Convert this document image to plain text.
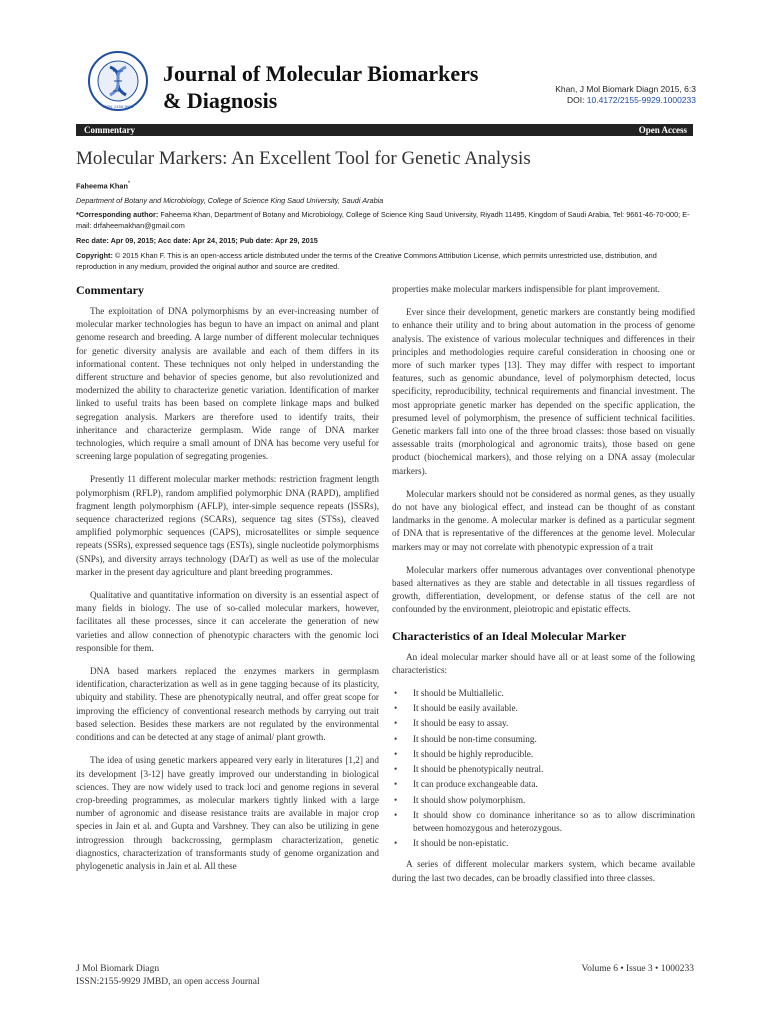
ISSN: 2155-9929
Journal of Molecular Biomarkers
& Diagnosis	Khan, J Mol Biomark Diagn 2015, 6:3
DOI: 10.4172/2155-9929.1000233
Commentary	Open Access
Molecular Markers: An Excellent Tool for Genetic Analysis
Faheema Khan*
Department of Botany and Microbiology, College of Science King Saud University, Saudi Arabia
*Corresponding author: Faheema Khan, Department of Botany and Microbiology, College of Science King Saud University, Riyadh 11495, Kingdom of Saudi Arabia, Tel: 9661-46-70-000; E-mail: drfaheemakhan@gmail.com
Rec date: Apr 09, 2015; Acc date: Apr 24, 2015; Pub date: Apr 29, 2015
Copyright: © 2015 Khan F. This is an open-access article distributed under the terms of the Creative Commons Attribution License, which permits unrestricted use, distribution, and reproduction in any medium, provided the original author and source are credited.
Commentary

The exploitation of DNA polymorphisms by an ever-increasing number of molecular marker technologies has begun to have an impact on animal and plant genome research and breeding. A large number of different molecular techniques for genetic diversity analysis are available and each of them differs in its informational content. These techniques not only helped in understanding the different structure and behavior of species genome, but also revolutionized and modernized the ability to characterize genetic variation. Identification of marker linked to useful traits has been based on complete linkage maps and bulked segregation analysis. Markers are therefore used to identify traits, their inheritance and characterize germplasm. Wide range of DNA marker technologies, which require a small amount of DNA has become very useful for screening large population of segregating progenies.

Presently 11 different molecular marker methods: restriction fragment length polymorphism (RFLP), random amplified polymorphic DNA (RAPD), amplified fragment length polymorphism (AFLP), inter-simple sequence repeats (ISSRs), sequence characterized regions (SCARs), sequence tag sites (STSs), cleaved amplified polymorphic sequences (CAPS), microsatellites or simple sequence repeats (SSRs), expressed sequence tags (ESTs), single nucleotide polymorphisms (SNPs), and diversity arrays technology (DArT) as well as use of the molecular marker in the present day agriculture and plant breeding programmes.

Qualitative and quantitative information on diversity is an essential aspect of many fields in biology. The use of so-called molecular markers, however, facilitates all these processes, since it can accelerate the generation of new varieties and allow connection of phenotypic characters with the genomic loci responsible for them.

DNA based markers replaced the enzymes markers in germplasm identification, characterization as well as in gene tagging because of its plasticity, ubiquity and stability. These are phenotypically neutral, and offer great scope for improving the efficiency of conventional research methods by carrying out trait based selection. Besides these markers are not regulated by the environmental conditions and can be detected at any stage of animal/ plant growth.

The idea of using genetic markers appeared very early in literatures [1,2] and its development [3-12] have greatly improved our understanding in biological sciences. They are now widely used to track loci and genome regions in several crop-breeding programmes, as molecular markers tightly linked with a large number of agronomic and disease resistance traits are available in major crop species in Jain et al. and Gupta and Varshney. They can also be utilizing in gene introgression through backcrossing, germplasm characterization, genetic diagnostics, characterization of transformants study of genome organization and phylogenetic analysis in Jain et al. All these

properties make molecular markers indispensible for plant improvement.

Ever since their development, genetic markers are constantly being modified to enhance their utility and to bring about automation in the process of genome analysis. The existence of various molecular techniques and differences in their principles and methodologies require careful consideration in choosing one or more of such marker types [13]. They may differ with respect to important features, such as genomic abundance, level of polymorphism detected, locus specificity, reproducibility, technical requirements and financial investment. The most appropriate genetic marker has depended on the specific application, the presumed level of polymorphism, the presence of sufficient technical facilities. Genetic markers fall into one of the three broad classes: those based on visually assessable traits (morphological and agronomic traits), those based on gene product (biochemical markers), and those relying on a DNA assay (molecular markers).

Molecular markers should not be considered as normal genes, as they usually do not have any biological effect, and instead can be thought of as constant landmarks in the genome. A molecular marker is defined as a particular segment of DNA that is representative of the differences at the genome level. Molecular markers may or may not correlate with phenotypic expression of a trait

Molecular markers offer numerous advantages over conventional phenotype based alternatives as they are stable and detectable in all tissues regardless of growth, differentiation, development, or defense status of the cell are not confounded by the environment, pleiotropic and epistatic effects.

Characteristics of an Ideal Molecular Marker

An ideal molecular marker should have all or at least some of the following characteristics:

• It should be Multiallelic.
• It should be easily available.
• It should be easy to assay.
• It should be non-time consuming.
• It should be highly reproducible.
• It should be phenotypically neutral.
• It can produce exchangeable data.
• It should show polymorphism.
• It should show co dominance inheritance so as to allow discrimination between homozygous and heterozygous.
• It should be non-epistatic.

A series of different molecular markers system, which became available during the last two decades, can be broadly classified into three classes.

J Mol Biomark Diagn
ISSN:2155-9929 JMBD, an open access Journal
Volume 6 • Issue 3 • 1000233
